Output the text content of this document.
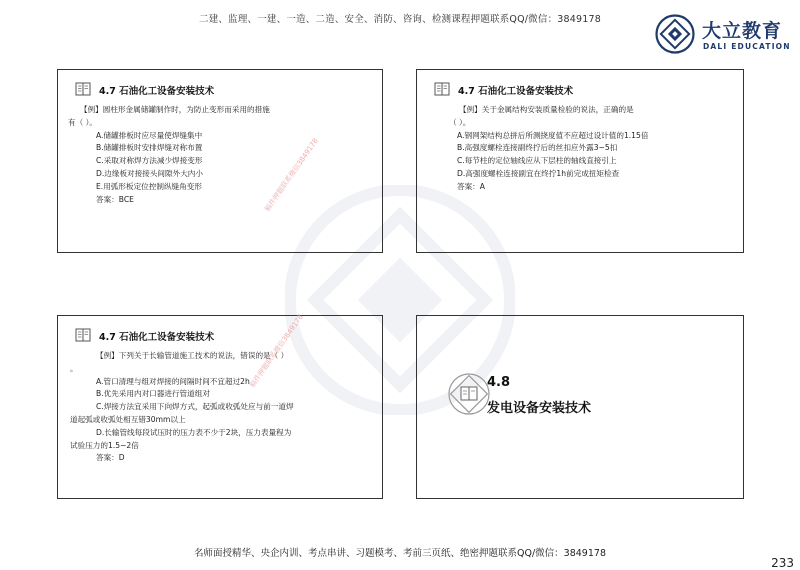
二建、监理、一建、一造、二造、安全、消防、咨询、检测课程押题联系QQ/微信：3849178
大立教育
DALI EDUCATION
4.7 石油化工设备安装技术
【例】圆柱形金属储罐制作时，为防止变形而采用的措施
有（ ）。
A.储罐排板时应尽量使焊缝集中
B.储罐排板时安排焊缝对称布置
C.采取对称焊方法减少焊接变形
D.边缘板对接接头间隙外大内小
E.用弧形板定位控制纵缝角变形
答案：BCE	稿件押题联系微信3849178
4.7 石油化工设备安装技术
【例】关于金属结构安装质量检验的说法，正确的是
（ ）。
A.钢网架结构总拼后所测挠度值不应超过设计值的1.15倍
B.高强度螺栓连接副终拧后的丝扣应外露3~5扣
C.每节柱的定位轴线应从下层柱的轴线直接引上
D.高强度螺栓连接副宜在终拧1h前完成扭矩检查
答案：A
4.7 石油化工设备安装技术
【例】下列关于长输管道施工技术的说法，错误的是（ ）
。
A.管口清理与组对焊接的间隔时间不宜超过2h
B.优先采用内对口器进行管道组对
C.焊接方法宜采用下向焊方式，起弧或收弧处应与前一道焊
道起弧或收弧处相互错30mm以上
D.长输管线每段试压时的压力表不少于2块，压力表量程为
试验压力的1.5~2倍
答案：D
稿件押题联系微信3849178	4.8
发电设备安装技术
名师面授精华、央企内训、考点串讲、习题模考、考前三页纸、绝密押题联系QQ/微信：3849178
233
